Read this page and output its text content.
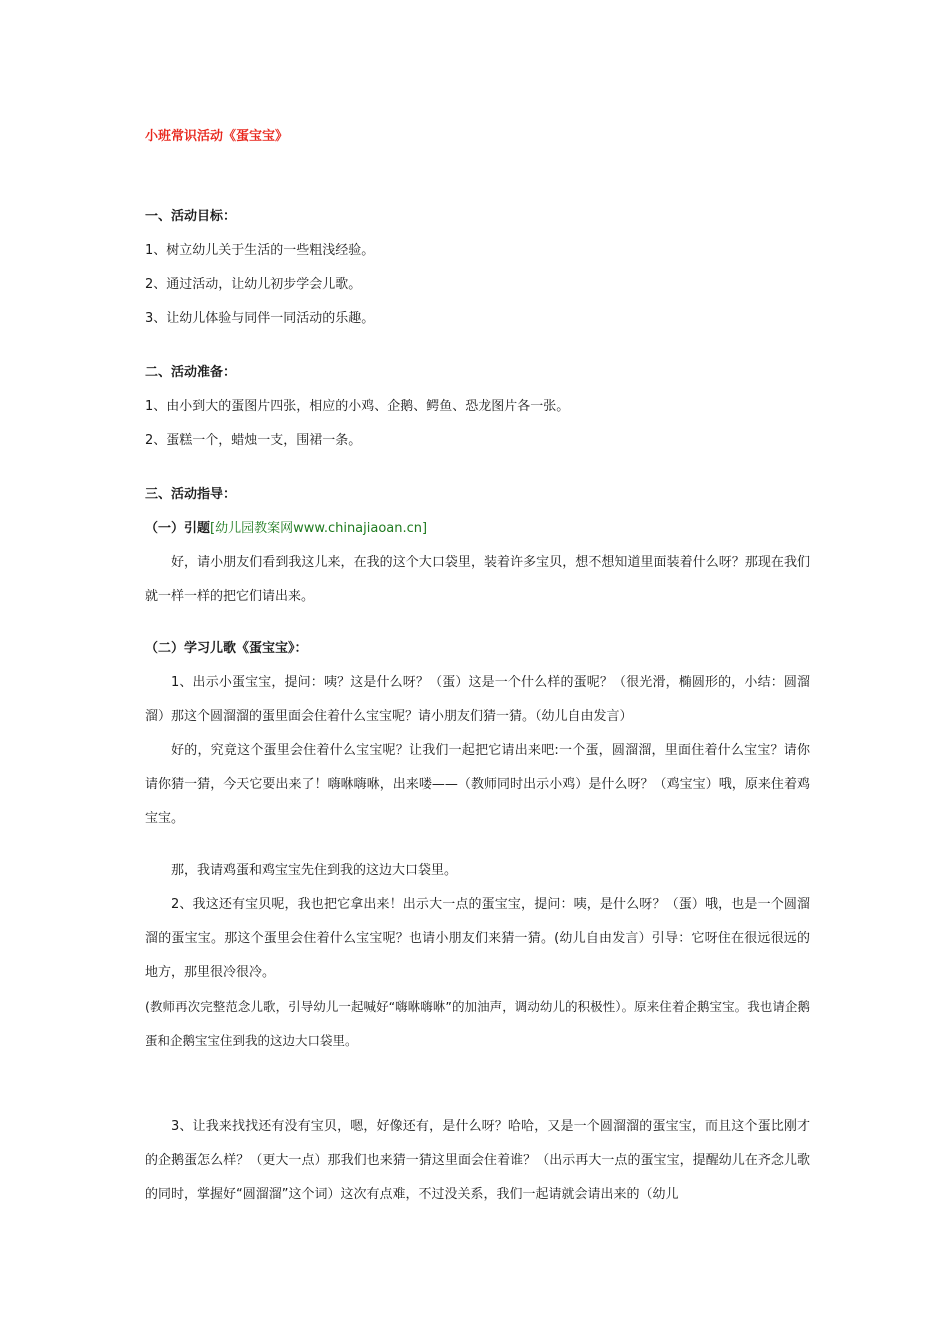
小班常识活动《蛋宝宝》

一、活动目标：

1、树立幼儿关于生活的一些粗浅经验。

2、通过活动，让幼儿初步学会儿歌。

3、让幼儿体验与同伴一同活动的乐趣。

二、活动准备：

1、由小到大的蛋图片四张，相应的小鸡、企鹅、鳄鱼、恐龙图片各一张。

2、蛋糕一个，蜡烛一支，围裙一条。

三、活动指导：

（一）引题[幼儿园教案网www.chinajiaoan.cn]

好，请小朋友们看到我这儿来，在我的这个大口袋里，装着许多宝贝，想不想知道里面装着什么呀？那现在我们就一样一样的把它们请出来。

（二）学习儿歌《蛋宝宝》：

1、出示小蛋宝宝，提问：咦？这是什么呀？（蛋）这是一个什么样的蛋呢？（很光滑，椭圆形的，小结：圆溜溜）那这个圆溜溜的蛋里面会住着什么宝宝呢？请小朋友们猜一猜。（幼儿自由发言）

好的，究竟这个蛋里会住着什么宝宝呢？让我们一起把它请出来吧:一个蛋，圆溜溜，里面住着什么宝宝？请你请你猜一猜，今天它要出来了！嗨咻嗨咻，出来喽——（教师同时出示小鸡）是什么呀？（鸡宝宝）哦，原来住着鸡宝宝。

那，我请鸡蛋和鸡宝宝先住到我的这边大口袋里。

2、我这还有宝贝呢，我也把它拿出来！出示大一点的蛋宝宝，提问：咦，是什么呀？（蛋）哦，也是一个圆溜溜的蛋宝宝。那这个蛋里会住着什么宝宝呢？也请小朋友们来猜一猜。(幼儿自由发言）引导：它呀住在很远很远的地方，那里很冷很冷。

(教师再次完整范念儿歌，引导幼儿一起喊好“嗨咻嗨咻”的加油声，调动幼儿的积极性）。原来住着企鹅宝宝。我也请企鹅蛋和企鹅宝宝住到我的这边大口袋里。

3、让我来找找还有没有宝贝，嗯，好像还有，是什么呀？哈哈，又是一个圆溜溜的蛋宝宝，而且这个蛋比刚才的企鹅蛋怎么样？（更大一点）那我们也来猜一猜这里面会住着谁？（出示再大一点的蛋宝宝，提醒幼儿在齐念儿歌的同时，掌握好“圆溜溜”这个词）这次有点难，不过没关系，我们一起请就会请出来的（幼儿
